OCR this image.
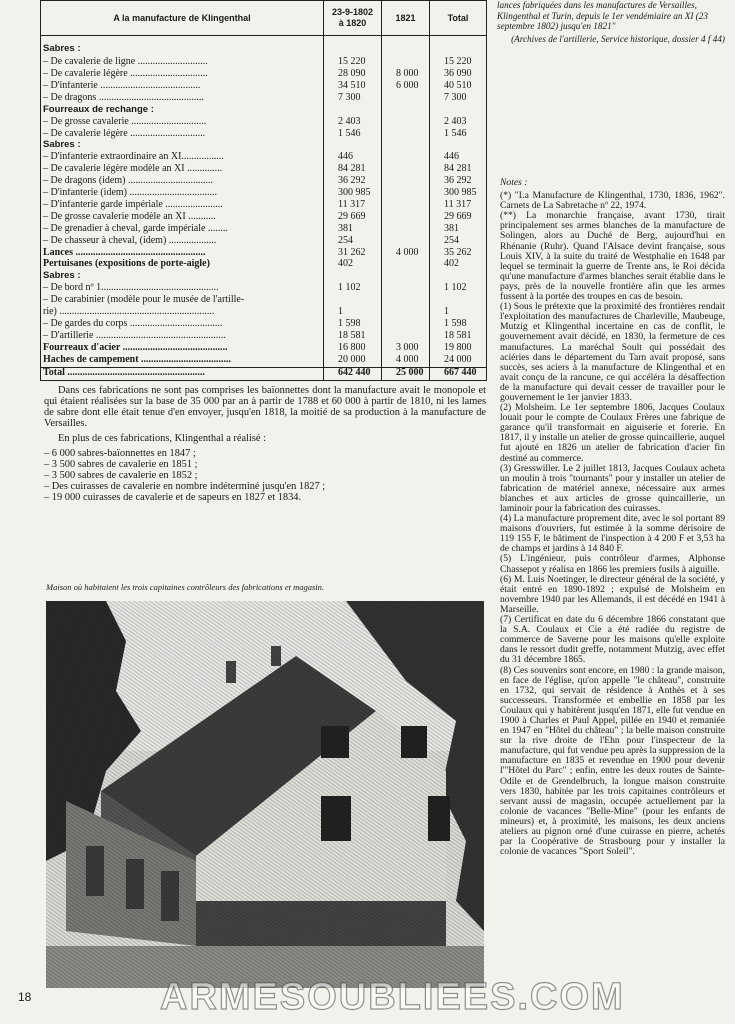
A la manufacture de Klingenthal	23-9-1802
à 1820	1821	Total
Sabres :			
– De cavalerie de ligne ............................	15 220		15 220
– De cavalerie légère ...............................	28 090	8 000	36 090
– D'infanterie ........................................	34 510	6 000	40 510
– De dragons ..........................................	7 300		7 300
Fourreaux de rechange :			
– De grosse cavalerie ..............................	2 403		2 403
– De cavalerie légère ..............................	1 546		1 546
Sabres :			
– D'infanterie extraordinaire an XI.................	446		446
– De cavalerie légère modèle an XI ..............	84 281		84 281
– De dragons (idem) ..................................	36 292		36 292
– D'infanterie (idem) ...................................	300 985		300 985
– D'infanterie garde impériale .......................	11 317		11 317
– De grosse cavalerie modèle an XI ...........	29 669		29 669
– De grenadier à cheval, garde impériale ........	381		381
– De chasseur à cheval, (idem) ...................	254		254
Lances ....................................................	31 262	4 000	35 262
Pertuisanes (expositions de porte-aigle)	402		402
Sabres :			
– De bord nº 1...............................................	1 102		1 102
– De carabinier (modèle pour le musée de l'artille-			
rie) ..............................................................	1		1
– De gardes du corps .....................................	1 598		1 598
– D'artillerie ....................................................	18 581		18 581
Fourreaux d'acier ..........................................	16 800	3 000	19 800
Haches de campement ....................................	20 000	4 000	24 000
Total .......................................................	642 440	25 000	667 440

Dans ces fabrications ne sont pas comprises les baïonnettes dont la manufacture avait le monopole et qui étaient réalisées sur la base de 35 000 par an à partir de 1788 et 60 000 à partir de 1810, ni les lames de sabre dont elle était tenue d'en envoyer, jusqu'en 1818, la moitié de sa production à la manufacture de Versailles.

En plus de ces fabrications, Klingenthal a réalisé :

– 6 000 sabres-baïonnettes en 1847 ;
– 3 500 sabres de cavalerie en 1851 ;
– 3 500 sabres de cavalerie en 1852 ;
– Des cuirasses de cavalerie en nombre indéterminé jusqu'en 1827 ;
– 19 000 cuirasses de cavalerie et de sapeurs en 1827 et 1834.
Maison où habitaient les trois capitaines contrôleurs des fabrications et magasin.
lances fabriquées dans les manufactures de Versailles, Klingenthal et Turin, depuis le 1er vendémiaire an XI (23 septembre 1802) jusqu'en 1821"
(Archives de l'artillerie, Service historique, dossier 4 f 44)
Notes :

(*) "La Manufacture de Klingenthal, 1730, 1836, 1962". Carnets de La Sabretache nº 22, 1974.

(**) La monarchie française, avant 1730, tirait principalement ses armes blanches de la manufacture de Solingen, alors au Duché de Berg, aujourd'hui en Rhénanie (Ruhr). Quand l'Alsace devint française, sous Louis XIV, à la suite du traité de Westphalie en 1648 par lequel se terminait la guerre de Trente ans, le Roi décida qu'une manufacture d'armes blanches serait établie dans le pays, près de la nouvelle frontière afin que les armes fussent à la portée des troupes en cas de besoin.

(1) Sous le prétexte que la proximité des frontières rendait l'exploitation des manufactures de Charleville, Maubeuge, Mutzig et Klingenthal incertaine en cas de conflit, le gouvernement avait décidé, en 1830, la fermeture de ces manufactures. La maréchal Soult qui possédait des aciéries dans le département du Tarn avait proposé, sans succès, ses aciers à la manufacture de Klingenthal et en avait conçu de la rancune, ce qui accéléra la désaffection de la manufacture qui devait cesser de travailler pour le gouvernement le 1er janvier 1833.

(2) Molsheim. Le 1er septembre 1806, Jacques Coulaux louait pour le compte de Coulaux Frères une fabrique de garance qu'il transformait en aiguiserie et forerie. En 1817, il y installe un atelier de grosse quincaillerie, auquel fut ajouté en 1826 un atelier de fabrication d'acier fin destiné au commerce.

(3) Gresswiller. Le 2 juillet 1813, Jacques Coulaux acheta un moulin à trois "tournants" pour y installer un atelier de fabrication de matériel annexe, nécessaire aux armes blanches et aux articles de grosse quincaillerie, un laminoir pour la fabrication des cuirasses.

(4) La manufacture proprement dite, avec le sol portant 89 maisons d'ouvriers, fut estimée à la somme dérisoire de 119 155 F, le bâtiment de l'inspection à 4 200 F et 3,53 ha de champs et jardins à 14 840 F.

(5) L'ingénieur, puis contrôleur d'armes, Alphonse Chassepot y réalisa en 1866 les premiers fusils à aiguille.

(6) M. Luis Noetinger, le directeur général de la société, y était entré en 1890-1892 ; expulsé de Molsheim en novembre 1940 par les Allemands, il est décédé en 1941 à Marseille.

(7) Certificat en date du 6 décembre 1866 constatant que la S.A. Coulaux et Cie a été radiée du registre de commerce de Saverne pour les maisons qu'elle exploite dans le ressort dudit greffe, notamment Mutzig, avec effet du 31 décembre 1865.

(8) Ces souvenirs sont encore, en 1980 : la grande maison, en face de l'église, qu'on appelle "le château", construite en 1732, qui servait de résidence à Anthès et à ses successeurs. Transformée et embellie en 1858 par les Coulaux qui y habitèrent jusqu'en 1871, elle fut vendue en 1900 à Charles et Paul Appel, pillée en 1940 et remaniée en 1947 en "Hôtel du château" ; la belle maison construite sur la rive droite de l'Ehn pour l'inspecteur de la manufacture, qui fut vendue peu après la suppression de la manufacture en 1835 et revendue en 1900 pour devenir l'"Hôtel du Parc" ; enfin, entre les deux routes de Sainte-Odile et de Grendelbruch, la longue maison construite vers 1830, habitée par les trois capitaines contrôleurs et servant aussi de magasin, occupée actuellement par la colonie de vacances "Belle-Mine" (pour les enfants de mineurs) et, à proximité, les maisons, les deux anciens ateliers au pignon orné d'une cuirasse en pierre, achetés par la Coopérative de Strasbourg pour y installer la colonie de vacances "Sport Soleil".

18	ARMESOUBLIEES.COM
